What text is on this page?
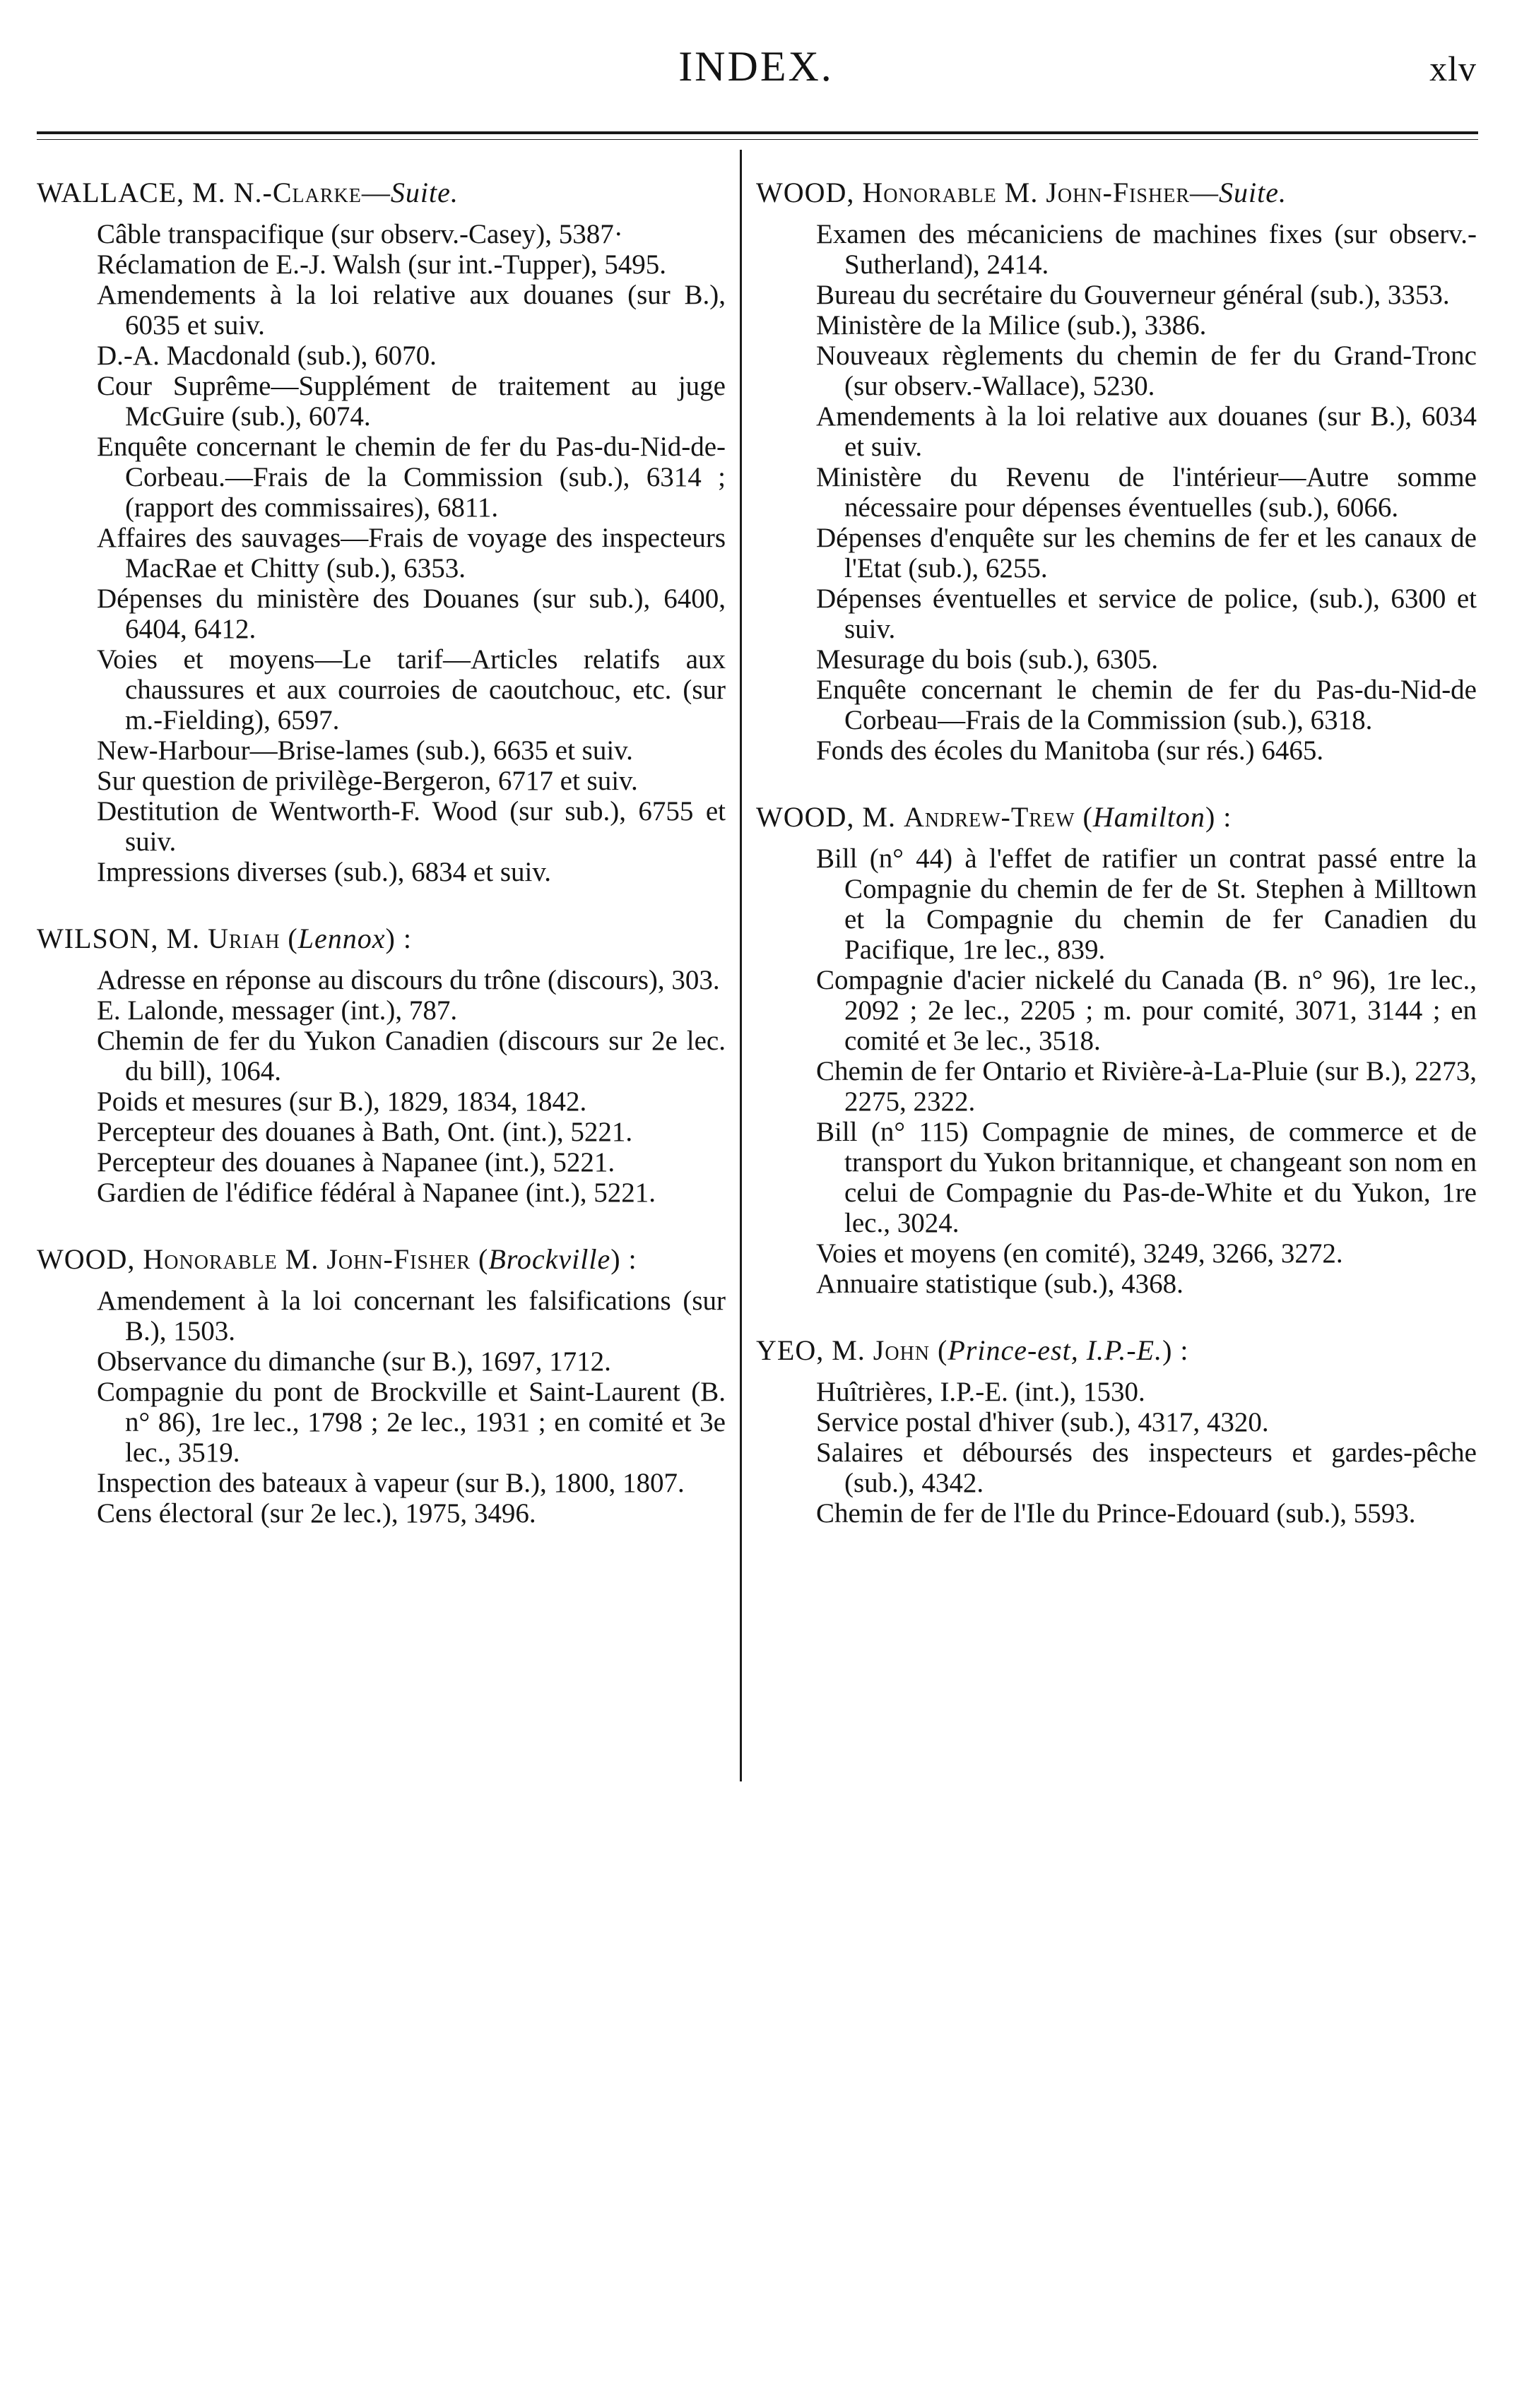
INDEX.	xlv
WALLACE, M. N.-Clarke—Suite.
Câble transpacifique (sur observ.-Casey), 5387·
Réclamation de E.-J. Walsh (sur int.-Tupper), 5495.
Amendements à la loi relative aux douanes (sur B.), 6035 et suiv.
D.-A. Macdonald (sub.), 6070.
Cour Suprême—Supplément de traitement au juge McGuire (sub.), 6074.
Enquête concernant le chemin de fer du Pas-du-Nid-de-Corbeau.—Frais de la Commission (sub.), 6314 ; (rapport des commissaires), 6811.
Affaires des sauvages—Frais de voyage des inspecteurs MacRae et Chitty (sub.), 6353.
Dépenses du ministère des Douanes (sur sub.), 6400, 6404, 6412.
Voies et moyens—Le tarif—Articles relatifs aux chaussures et aux courroies de caoutchouc, etc. (sur m.-Fielding), 6597.
New-Harbour—Brise-lames (sub.), 6635 et suiv.
Sur question de privilège-Bergeron, 6717 et suiv.
Destitution de Wentworth-F. Wood (sur sub.), 6755 et suiv.
Impressions diverses (sub.), 6834 et suiv.
WILSON, M. Uriah (Lennox) :
Adresse en réponse au discours du trône (discours), 303.
E. Lalonde, messager (int.), 787.
Chemin de fer du Yukon Canadien (discours sur 2e lec. du bill), 1064.
Poids et mesures (sur B.), 1829, 1834, 1842.
Percepteur des douanes à Bath, Ont. (int.), 5221.
Percepteur des douanes à Napanee (int.), 5221.
Gardien de l'édifice fédéral à Napanee (int.), 5221.
WOOD, Honorable M. John-Fisher (Brockville) :
Amendement à la loi concernant les falsifications (sur B.), 1503.
Observance du dimanche (sur B.), 1697, 1712.
Compagnie du pont de Brockville et Saint-Laurent (B. n° 86), 1re lec., 1798 ; 2e lec., 1931 ; en comité et 3e lec., 3519.
Inspection des bateaux à vapeur (sur B.), 1800, 1807.
Cens électoral (sur 2e lec.), 1975, 3496.
WOOD, Honorable M. John-Fisher—Suite.
Examen des mécaniciens de machines fixes (sur observ.-Sutherland), 2414.
Bureau du secrétaire du Gouverneur général (sub.), 3353.
Ministère de la Milice (sub.), 3386.
Nouveaux règlements du chemin de fer du Grand-Tronc (sur observ.-Wallace), 5230.
Amendements à la loi relative aux douanes (sur B.), 6034 et suiv.
Ministère du Revenu de l'intérieur—Autre somme nécessaire pour dépenses éventuelles (sub.), 6066.
Dépenses d'enquête sur les chemins de fer et les canaux de l'Etat (sub.), 6255.
Dépenses éventuelles et service de police, (sub.), 6300 et suiv.
Mesurage du bois (sub.), 6305.
Enquête concernant le chemin de fer du Pas-du-Nid-de Corbeau—Frais de la Commission (sub.), 6318.
Fonds des écoles du Manitoba (sur rés.) 6465.
WOOD, M. Andrew-Trew (Hamilton) :
Bill (n° 44) à l'effet de ratifier un contrat passé entre la Compagnie du chemin de fer de St. Stephen à Milltown et la Compagnie du chemin de fer Canadien du Pacifique, 1re lec., 839.
Compagnie d'acier nickelé du Canada (B. n° 96), 1re lec., 2092 ; 2e lec., 2205 ; m. pour comité, 3071, 3144 ; en comité et 3e lec., 3518.
Chemin de fer Ontario et Rivière-à-La-Pluie (sur B.), 2273, 2275, 2322.
Bill (n° 115) Compagnie de mines, de commerce et de transport du Yukon britannique, et changeant son nom en celui de Compagnie du Pas-de-White et du Yukon, 1re lec., 3024.
Voies et moyens (en comité), 3249, 3266, 3272.
Annuaire statistique (sub.), 4368.
YEO, M. John (Prince-est, I.P.-E.) :
Huîtrières, I.P.-E. (int.), 1530.
Service postal d'hiver (sub.), 4317, 4320.
Salaires et déboursés des inspecteurs et gardes-pêche (sub.), 4342.
Chemin de fer de l'Ile du Prince-Edouard (sub.), 5593.
